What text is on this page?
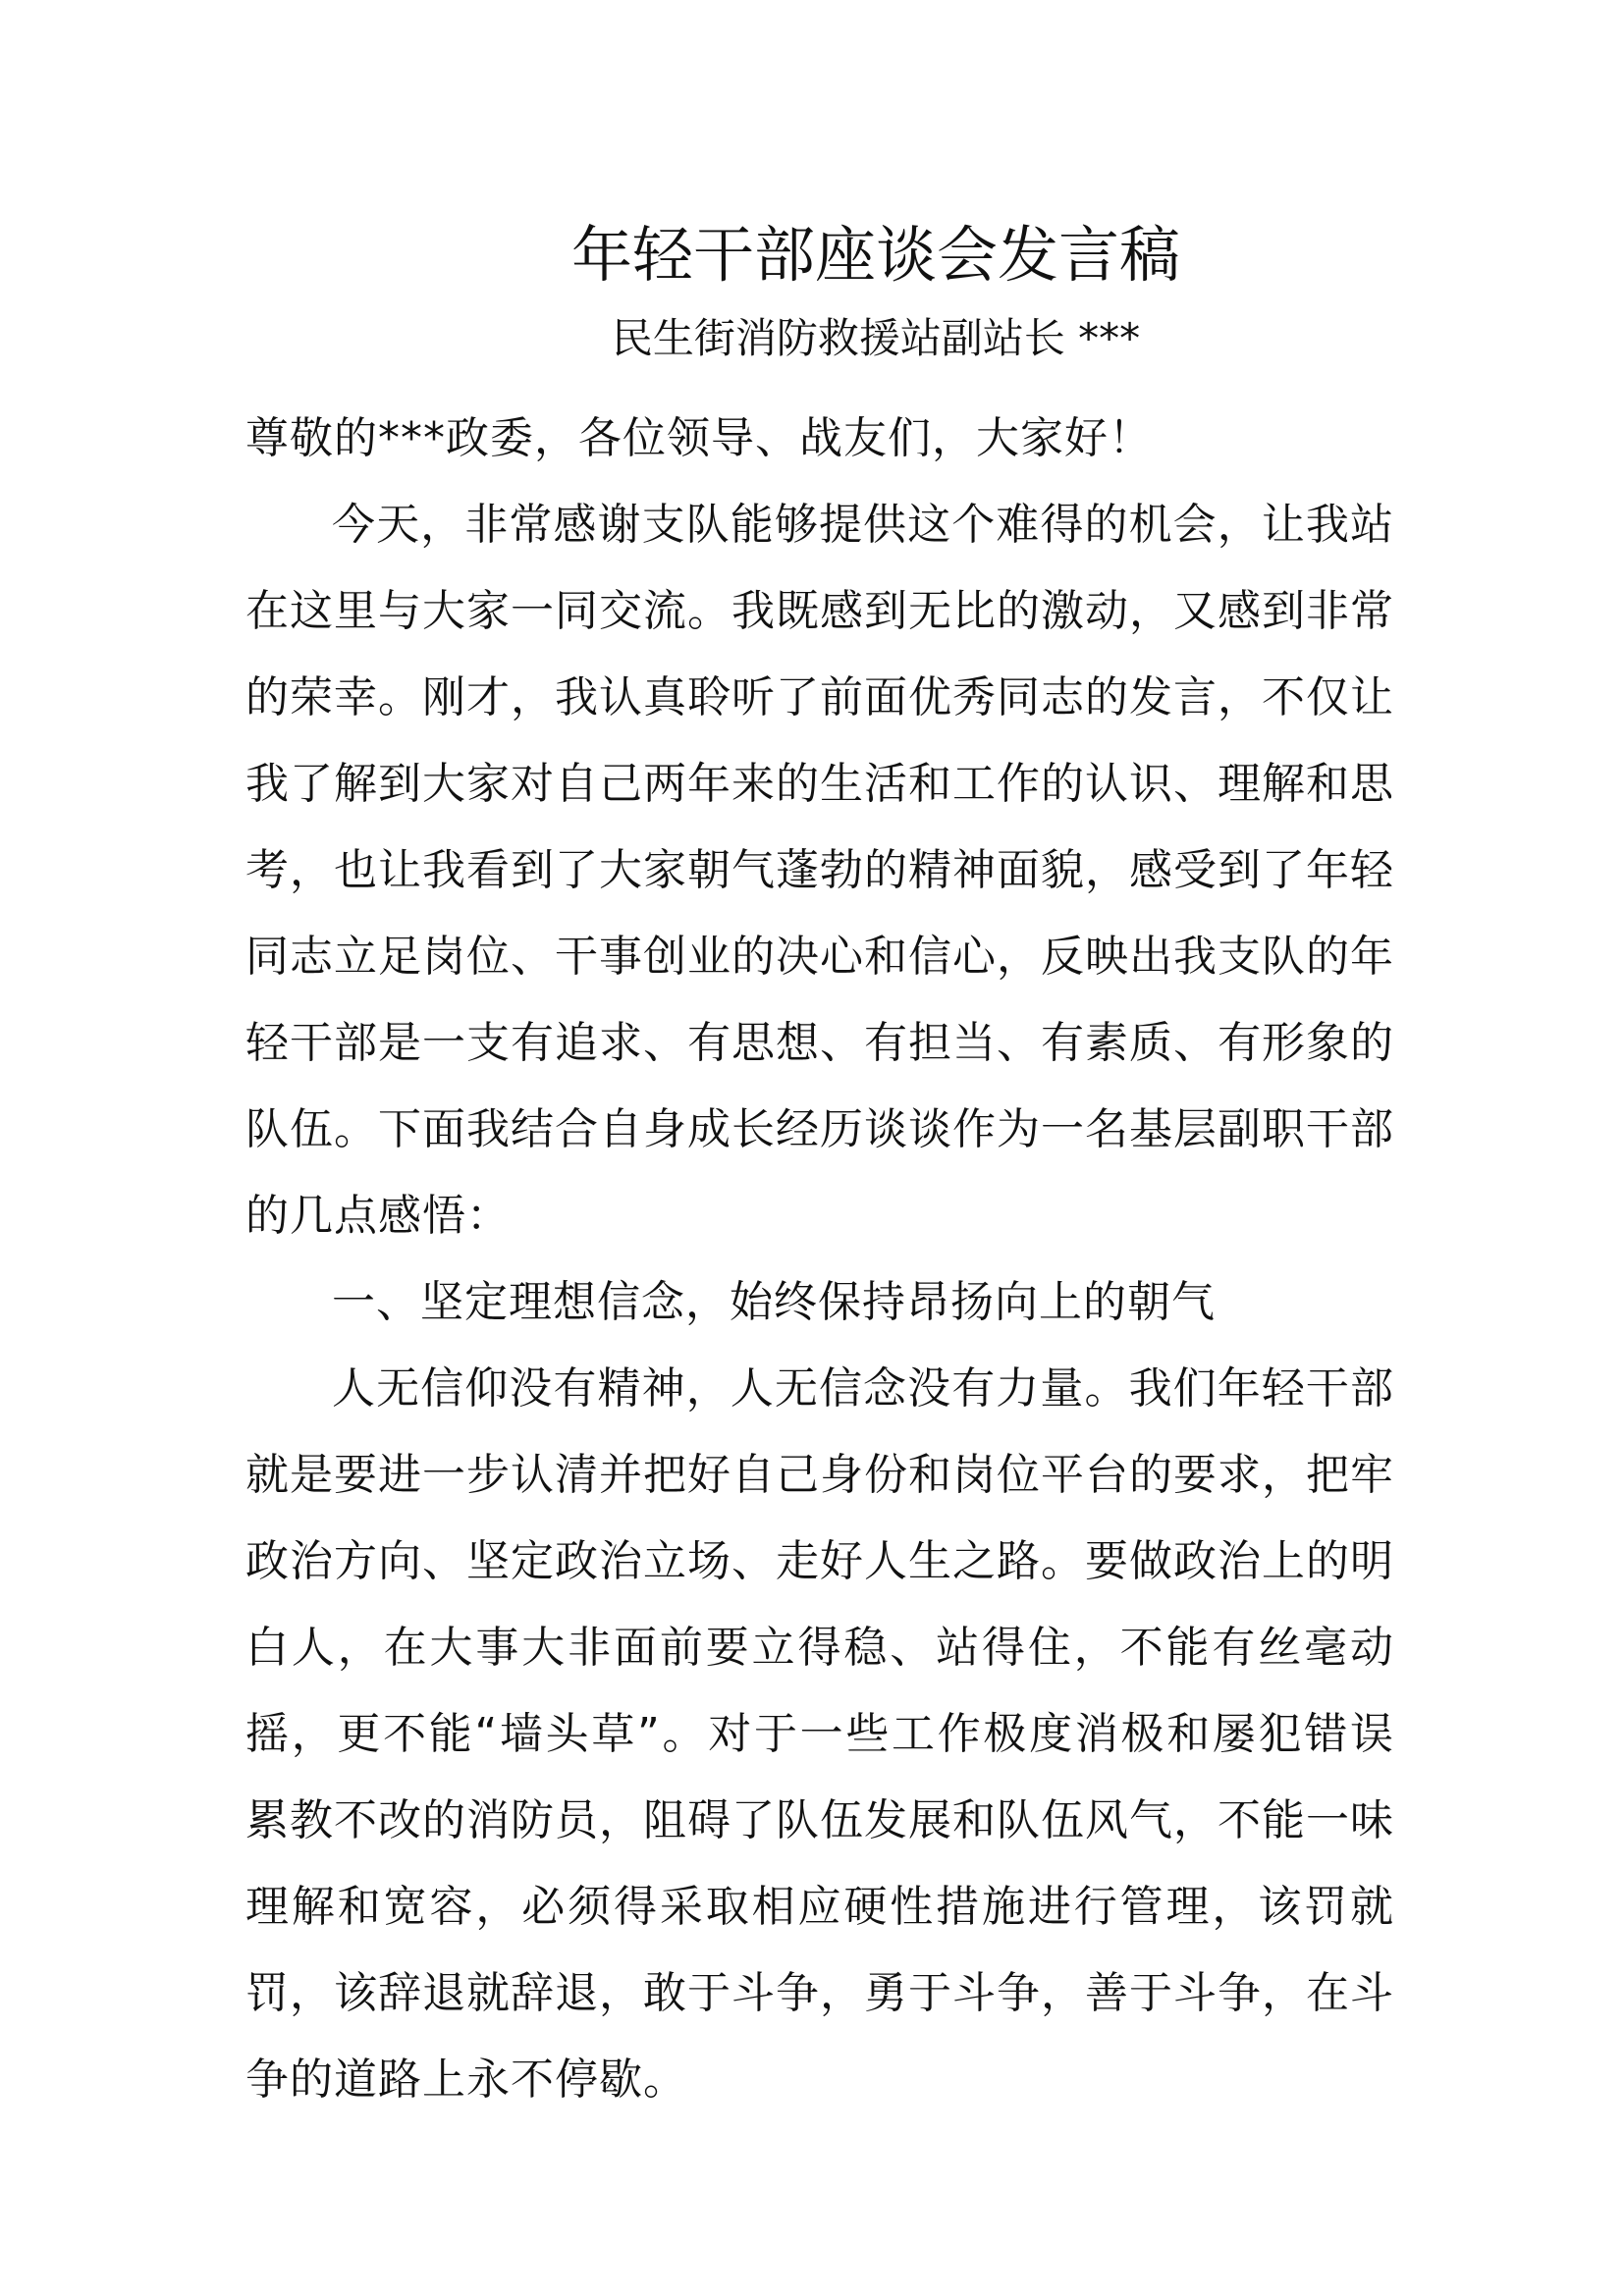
年轻干部座谈会发言稿
民生街消防救援站副站长 ***

尊敬的***政委，各位领导、战友们，大家好！

今天，非常感谢支队能够提供这个难得的机会，让我站在这里与大家一同交流。我既感到无比的激动，又感到非常的荣幸。刚才，我认真聆听了前面优秀同志的发言，不仅让我了解到大家对自己两年来的生活和工作的认识、理解和思考，也让我看到了大家朝气蓬勃的精神面貌，感受到了年轻同志立足岗位、干事创业的决心和信心，反映出我支队的年轻干部是一支有追求、有思想、有担当、有素质、有形象的队伍。下面我结合自身成长经历谈谈作为一名基层副职干部的几点感悟：

一、坚定理想信念，始终保持昂扬向上的朝气

人无信仰没有精神，人无信念没有力量。我们年轻干部就是要进一步认清并把好自己身份和岗位平台的要求，把牢政治方向、坚定政治立场、走好人生之路。要做政治上的明白人，在大事大非面前要立得稳、站得住，不能有丝毫动摇，更不能“墙头草”。对于一些工作极度消极和屡犯错误累教不改的消防员，阻碍了队伍发展和队伍风气，不能一味理解和宽容，必须得采取相应硬性措施进行管理，该罚就罚，该辞退就辞退，敢于斗争，勇于斗争，善于斗争，在斗争的道路上永不停歇。
